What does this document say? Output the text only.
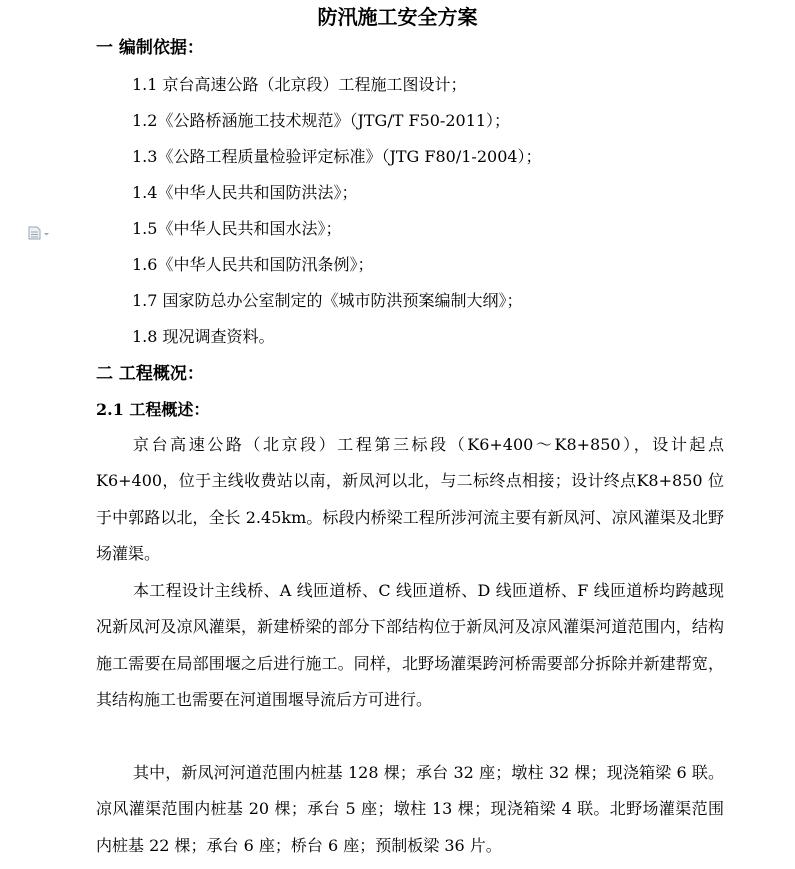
防汛施工安全方案
一 编制依据：
1.1 京台高速公路（北京段）工程施工图设计；
1.2《公路桥涵施工技术规范》（JTG/T F50-2011）；
1.3《公路工程质量检验评定标准》（JTG F80/1-2004）；
1.4《中华人民共和国防洪法》；
1.5《中华人民共和国水法》；
1.6《中华人民共和国防汛条例》；
1.7 国家防总办公室制定的《城市防洪预案编制大纲》；
1.8 现况调查资料。
二 工程概况：
2.1 工程概述：

京台高速公路（北京段）工程第三标段（K6+400～K8+850），设计起点K6+400，位于主线收费站以南，新凤河以北，与二标终点相接；设计终点K8+850 位于中郭路以北，全长 2.45km。标段内桥梁工程所涉河流主要有新凤河、凉风灌渠及北野场灌渠。

本工程设计主线桥、A 线匝道桥、C 线匝道桥、D 线匝道桥、F 线匝道桥均跨越现况新凤河及凉风灌渠，新建桥梁的部分下部结构位于新凤河及凉风灌渠河道范围内，结构施工需要在局部围堰之后进行施工。同样，北野场灌渠跨河桥需要部分拆除并新建帮宽，其结构施工也需要在河道围堰导流后方可进行。

其中，新凤河河道范围内桩基 128 棵；承台 32 座；墩柱 32 棵；现浇箱梁 6 联。凉风灌渠范围内桩基 20 棵；承台 5 座；墩柱 13 棵；现浇箱梁 4 联。北野场灌渠范围内桩基 22 棵；承台 6 座；桥台 6 座；预制板梁 36 片。
